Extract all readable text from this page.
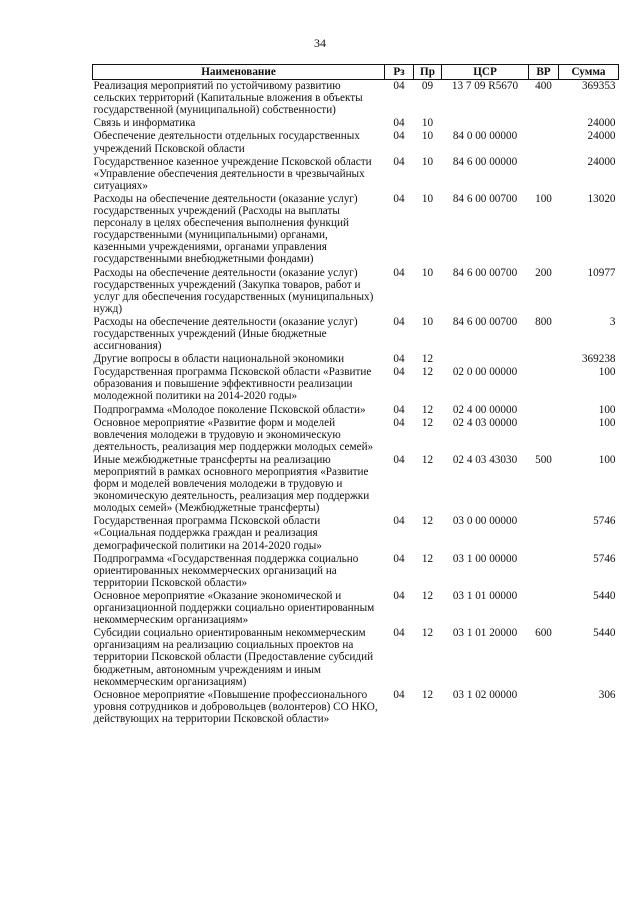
34
Наименование	Рз	Пр	ЦСР	ВР	Сумма
Реализация мероприятий по устойчивому развитию сельских территорий (Капитальные вложения в объекты государственной (муниципальной) собственности)	04	09	13 7 09 R5670	400	369353
Связь и информатика	04	10			24000
Обеспечение деятельности отдельных государственных учреждений Псковской области	04	10	84 0 00 00000		24000
Государственное казенное учреждение Псковской области «Управление обеспечения деятельности в чрезвычайных ситуациях»	04	10	84 6 00 00000		24000
Расходы на обеспечение деятельности (оказание услуг) государственных учреждений (Расходы на выплаты персоналу в целях обеспечения выполнения функций государственными (муниципальными) органами, казенными учреждениями, органами управления государственными внебюджетными фондами)	04	10	84 6 00 00700	100	13020
Расходы на обеспечение деятельности (оказание услуг) государственных учреждений (Закупка товаров, работ и услуг для обеспечения государственных (муниципальных) нужд)	04	10	84 6 00 00700	200	10977
Расходы на обеспечение деятельности (оказание услуг) государственных учреждений (Иные бюджетные ассигнования)	04	10	84 6 00 00700	800	3
Другие вопросы в области национальной экономики	04	12			369238
Государственная программа Псковской области «Развитие образования и повышение эффективности реализации молодежной политики на 2014-2020 годы»	04	12	02 0 00 00000		100
Подпрограмма «Молодое поколение Псковской области»	04	12	02 4 00 00000		100
Основное мероприятие «Развитие форм и моделей вовлечения молодежи в трудовую и экономическую деятельность, реализация мер поддержки молодых семей»	04	12	02 4 03 00000		100
Иные межбюджетные трансферты на реализацию мероприятий в рамках основного мероприятия «Развитие форм и моделей вовлечения молодежи в трудовую и экономическую деятельность, реализация мер поддержки молодых семей» (Межбюджетные трансферты)	04	12	02 4 03 43030	500	100
Государственная программа Псковской области «Социальная поддержка граждан и реализация демографической политики на 2014-2020 годы»	04	12	03 0 00 00000		5746
Подпрограмма «Государственная поддержка социально ориентированных некоммерческих организаций на территории Псковской области»	04	12	03 1 00 00000		5746
Основное мероприятие «Оказание экономической и организационной поддержки социально ориентированным некоммерческим организациям»	04	12	03 1 01 00000		5440
Субсидии социально ориентированным некоммерческим организациям на реализацию социальных проектов на территории Псковской области (Предоставление субсидий бюджетным, автономным учреждениям и иным некоммерческим организациям)	04	12	03 1 01 20000	600	5440
Основное мероприятие «Повышение профессионального уровня сотрудников и добровольцев (волонтеров) СО НКО, действующих на территории Псковской области»	04	12	03 1 02 00000		306
